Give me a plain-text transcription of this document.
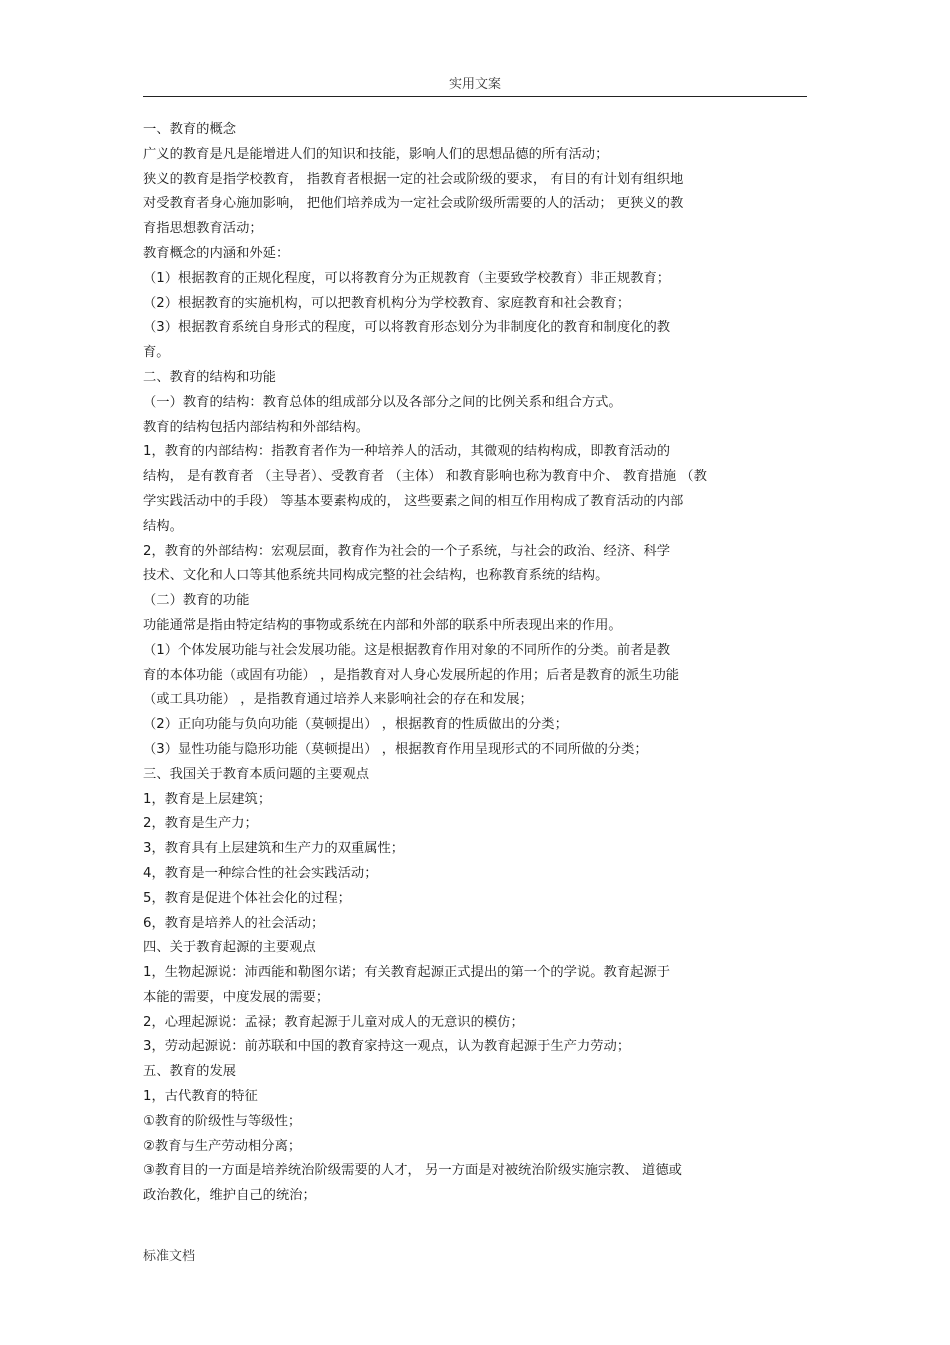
实用文案
一、教育的概念
广义的教育是凡是能增进人们的知识和技能，影响人们的思想品德的所有活动；
狭义的教育是指学校教育， 指教育者根据一定的社会或阶级的要求， 有目的有计划有组织地
对受教育者身心施加影响， 把他们培养成为一定社会或阶级所需要的人的活动； 更狭义的教
育指思想教育活动；
教育概念的内涵和外延：
（1）根据教育的正规化程度，可以将教育分为正规教育（主要致学校教育）非正规教育；
（2）根据教育的实施机构，可以把教育机构分为学校教育、家庭教育和社会教育；
（3）根据教育系统自身形式的程度，可以将教育形态划分为非制度化的教育和制度化的教
育。
二、教育的结构和功能
（一）教育的结构：教育总体的组成部分以及各部分之间的比例关系和组合方式。
教育的结构包括内部结构和外部结构。
1，教育的内部结构：指教育者作为一种培养人的活动，其微观的结构构成，即教育活动的
结构， 是有教育者 （主导者）、受教育者 （主体） 和教育影响也称为教育中介、 教育措施 （教
学实践活动中的手段） 等基本要素构成的， 这些要素之间的相互作用构成了教育活动的内部
结构。
2，教育的外部结构：宏观层面，教育作为社会的一个子系统，与社会的政治、经济、科学
技术、文化和人口等其他系统共同构成完整的社会结构，也称教育系统的结构。
（二）教育的功能
功能通常是指由特定结构的事物或系统在内部和外部的联系中所表现出来的作用。
（1）个体发展功能与社会发展功能。这是根据教育作用对象的不同所作的分类。前者是教
育的本体功能（或固有功能） ，是指教育对人身心发展所起的作用；后者是教育的派生功能
（或工具功能） ，是指教育通过培养人来影响社会的存在和发展；
（2）正向功能与负向功能（莫顿提出） ，根据教育的性质做出的分类；
（3）显性功能与隐形功能（莫顿提出） ，根据教育作用呈现形式的不同所做的分类；
三、我国关于教育本质问题的主要观点
1，教育是上层建筑；
2，教育是生产力；
3，教育具有上层建筑和生产力的双重属性；
4，教育是一种综合性的社会实践活动；
5，教育是促进个体社会化的过程；
6，教育是培养人的社会活动；
四、关于教育起源的主要观点
1，生物起源说：沛西能和勒图尔诺；有关教育起源正式提出的第一个的学说。教育起源于
本能的需要，中度发展的需要；
2，心理起源说：孟禄；教育起源于儿童对成人的无意识的模仿；
3，劳动起源说：前苏联和中国的教育家持这一观点，认为教育起源于生产力劳动；
五、教育的发展
1，古代教育的特征
①教育的阶级性与等级性；
②教育与生产劳动相分离；
③教育目的一方面是培养统治阶级需要的人才， 另一方面是对被统治阶级实施宗教、 道德或
政治教化，维护自己的统治；
标准文档
